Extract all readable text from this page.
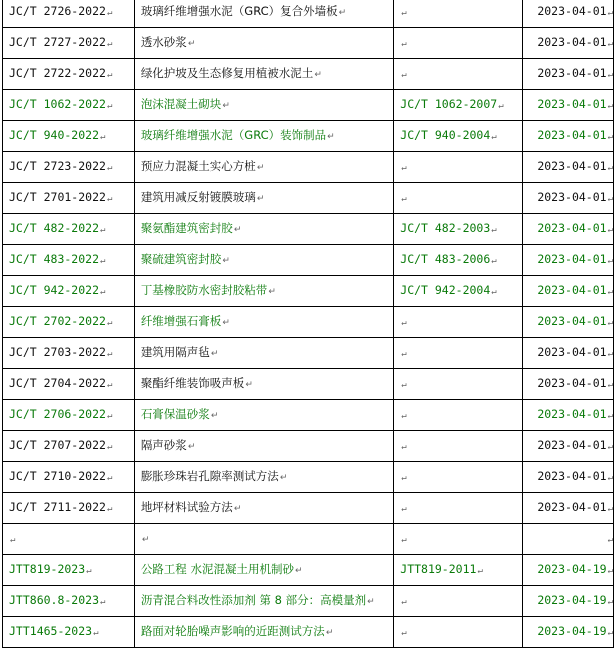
JC/T 2726-2022↵	玻璃纤维增强水泥（GRC）复合外墙板↵	↵	2023-04-01↵
JC/T 2727-2022↵	透水砂浆↵	↵	2023-04-01↵
JC/T 2722-2022↵	绿化护坡及生态修复用植被水泥土↵	↵	2023-04-01↵
JC/T 1062-2022↵	泡沫混凝土砌块↵	JC/T 1062-2007↵	2023-04-01↵
JC/T 940-2022↵	玻璃纤维增强水泥（GRC）装饰制品↵	JC/T 940-2004↵	2023-04-01↵
JC/T 2723-2022↵	预应力混凝土实心方桩↵	↵	2023-04-01↵
JC/T 2701-2022↵	建筑用减反射镀膜玻璃↵	↵	2023-04-01↵
JC/T 482-2022↵	聚氨酯建筑密封胶↵	JC/T 482-2003↵	2023-04-01↵
JC/T 483-2022↵	聚硫建筑密封胶↵	JC/T 483-2006↵	2023-04-01↵
JC/T 942-2022↵	丁基橡胶防水密封胶粘带↵	JC/T 942-2004↵	2023-04-01↵
JC/T 2702-2022↵	纤维增强石膏板↵	↵	2023-04-01↵
JC/T 2703-2022↵	建筑用隔声毡↵	↵	2023-04-01↵
JC/T 2704-2022↵	聚酯纤维装饰吸声板↵	↵	2023-04-01↵
JC/T 2706-2022↵	石膏保温砂浆↵	↵	2023-04-01↵
JC/T 2707-2022↵	隔声砂浆↵	↵	2023-04-01↵
JC/T 2710-2022↵	膨胀珍珠岩孔隙率测试方法↵	↵	2023-04-01↵
JC/T 2711-2022↵	地坪材料试验方法↵	↵	2023-04-01↵
↵	↵	↵	↵
JTT819-2023↵	公路工程 水泥混凝土用机制砂↵	JTT819-2011↵	2023-04-19↵
JTT860.8-2023↵	沥青混合料改性添加剂 第 8 部分：高模量剂↵	↵	2023-04-19↵
JTT1465-2023↵	路面对轮胎噪声影响的近距测试方法↵	↵	2023-04-19↵
